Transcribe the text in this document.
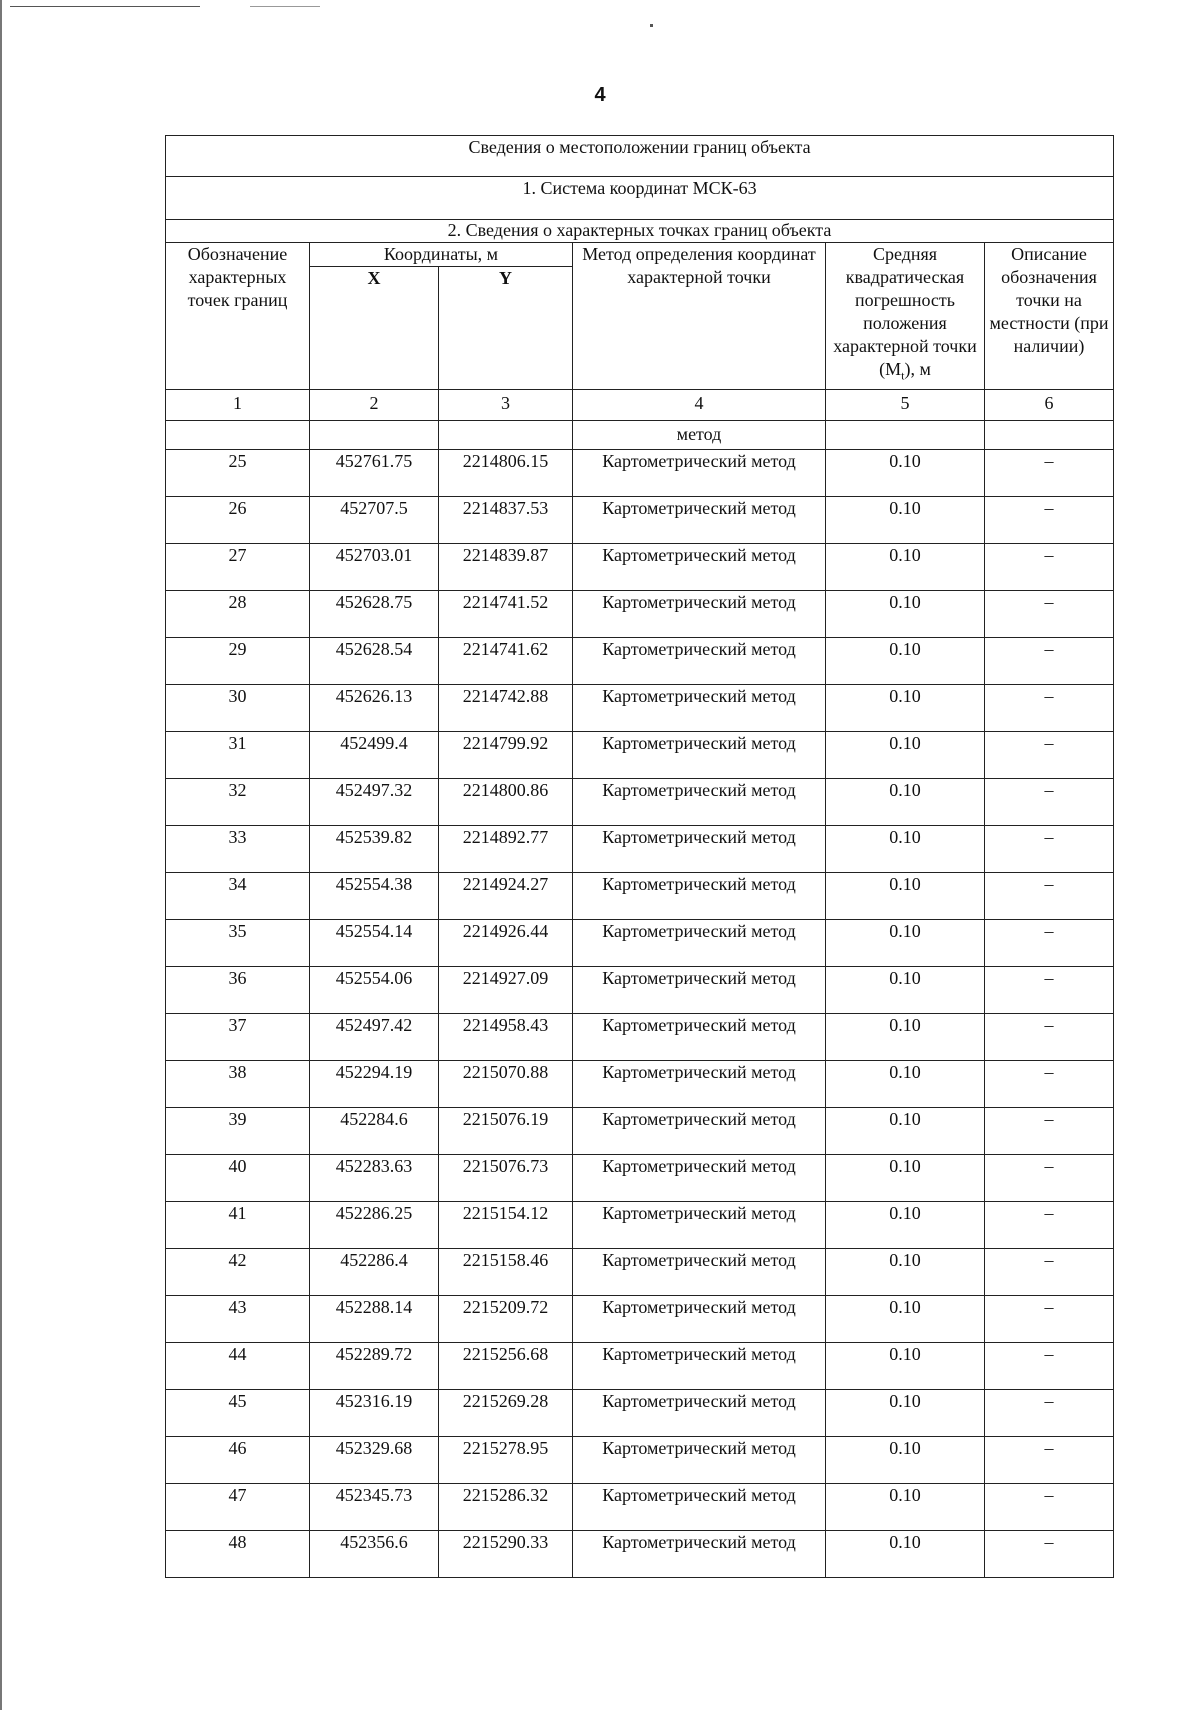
4
Сведения о местоположении границ объекта					
1. Система координат МСК-63					
2. Сведения о характерных точках границ объекта					
Обозначение характерных точек границ	Координаты, м		Метод определения координат характерной точки	Средняя квадратическая погрешность положения характерной точки $(M_t)$, м	Описание обозначения точки на местности (при наличии)
	X	Y			
1	2	3	4	5	6
			метод		
25	452761.75	2214806.15	Картометрический метод	0.10	–
26	452707.5	2214837.53	Картометрический метод	0.10	–
27	452703.01	2214839.87	Картометрический метод	0.10	–
28	452628.75	2214741.52	Картометрический метод	0.10	–
29	452628.54	2214741.62	Картометрический метод	0.10	–
30	452626.13	2214742.88	Картометрический метод	0.10	–
31	452499.4	2214799.92	Картометрический метод	0.10	–
32	452497.32	2214800.86	Картометрический метод	0.10	–
33	452539.82	2214892.77	Картометрический метод	0.10	–
34	452554.38	2214924.27	Картометрический метод	0.10	–
35	452554.14	2214926.44	Картометрический метод	0.10	–
36	452554.06	2214927.09	Картометрический метод	0.10	–
37	452497.42	2214958.43	Картометрический метод	0.10	–
38	452294.19	2215070.88	Картометрический метод	0.10	–
39	452284.6	2215076.19	Картометрический метод	0.10	–
40	452283.63	2215076.73	Картометрический метод	0.10	–
41	452286.25	2215154.12	Картометрический метод	0.10	–
42	452286.4	2215158.46	Картометрический метод	0.10	–
43	452288.14	2215209.72	Картометрический метод	0.10	–
44	452289.72	2215256.68	Картометрический метод	0.10	–
45	452316.19	2215269.28	Картометрический метод	0.10	–
46	452329.68	2215278.95	Картометрический метод	0.10	–
47	452345.73	2215286.32	Картометрический метод	0.10	–
48	452356.6	2215290.33	Картометрический метод	0.10	–
